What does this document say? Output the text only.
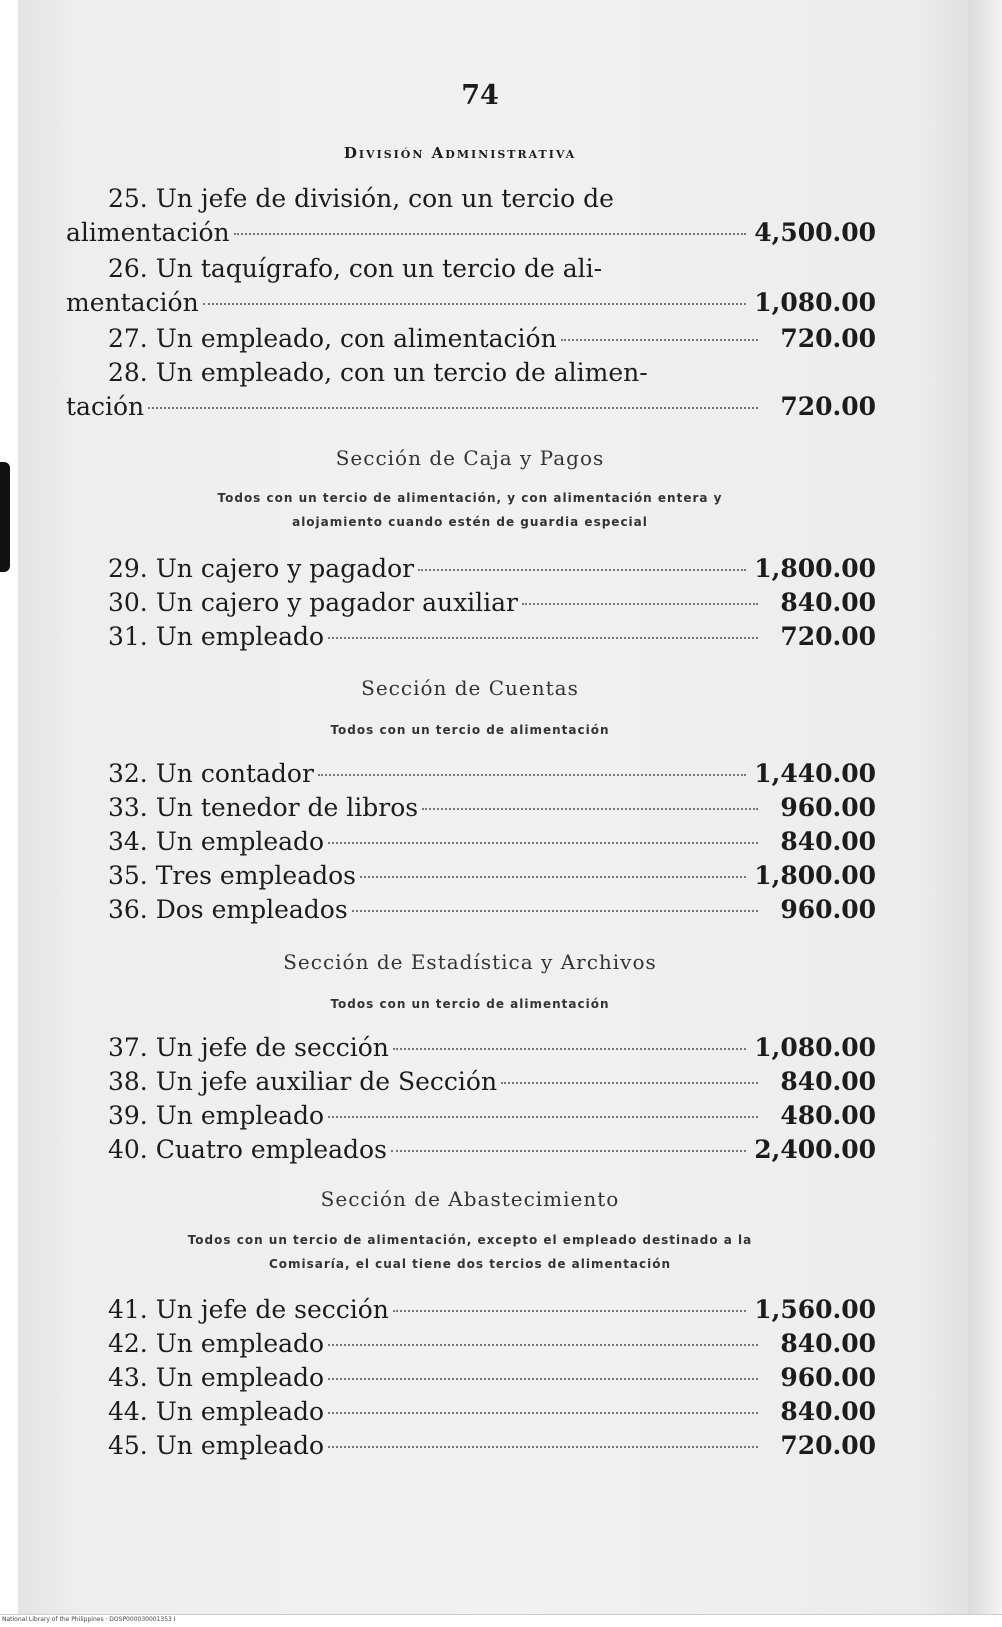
74
División Administrativa
25. Un jefe de división, con un tercio de
alimentación	4,500.00
26. Un taquígrafo, con un tercio de ali-
mentación	1,080.00
27. Un empleado, con alimentación	720.00
28. Un empleado, con un tercio de alimen-
tación	720.00
Sección de Caja y Pagos
Todos con un tercio de alimentación, y con alimentación entera y
alojamiento cuando estén de guardia especial
29. Un cajero y pagador	1,800.00
30. Un cajero y pagador auxiliar	840.00
31. Un empleado	720.00
Sección de Cuentas
Todos con un tercio de alimentación
32. Un contador	1,440.00
33. Un tenedor de libros	960.00
34. Un empleado	840.00
35. Tres empleados	1,800.00
36. Dos empleados	960.00
Sección de Estadística y Archivos
Todos con un tercio de alimentación
37. Un jefe de sección	1,080.00
38. Un jefe auxiliar de Sección	840.00
39. Un empleado	480.00
40. Cuatro empleados	2,400.00
Sección de Abastecimiento
Todos con un tercio de alimentación, excepto el empleado destinado a la
Comisaría, el cual tiene dos tercios de alimentación
41. Un jefe de sección	1,560.00
42. Un empleado	840.00
43. Un empleado	960.00
44. Un empleado	840.00
45. Un empleado	720.00
National Library of the Philippines · DOSP000030001353 I
